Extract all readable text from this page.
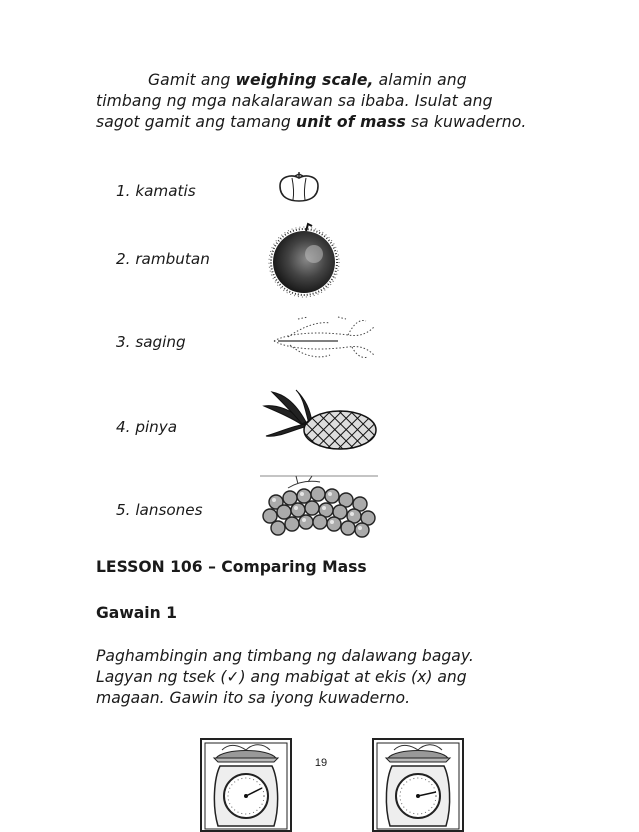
Gamit ang weighing scale, alamin ang
timbang ng mga nakalarawan sa ibaba. Isulat ang
sagot gamit ang tamang unit of mass sa kuwaderno.
1. kamatis
2. rambutan
3. saging
4. pinya
5. lansones
LESSON 106 – Comparing Mass
Gawain 1
Paghambingin ang timbang ng dalawang bagay.
Lagyan ng tsek (✓) ang mabigat at ekis (x) ang
magaan. Gawin ito sa iyong kuwaderno.
19
